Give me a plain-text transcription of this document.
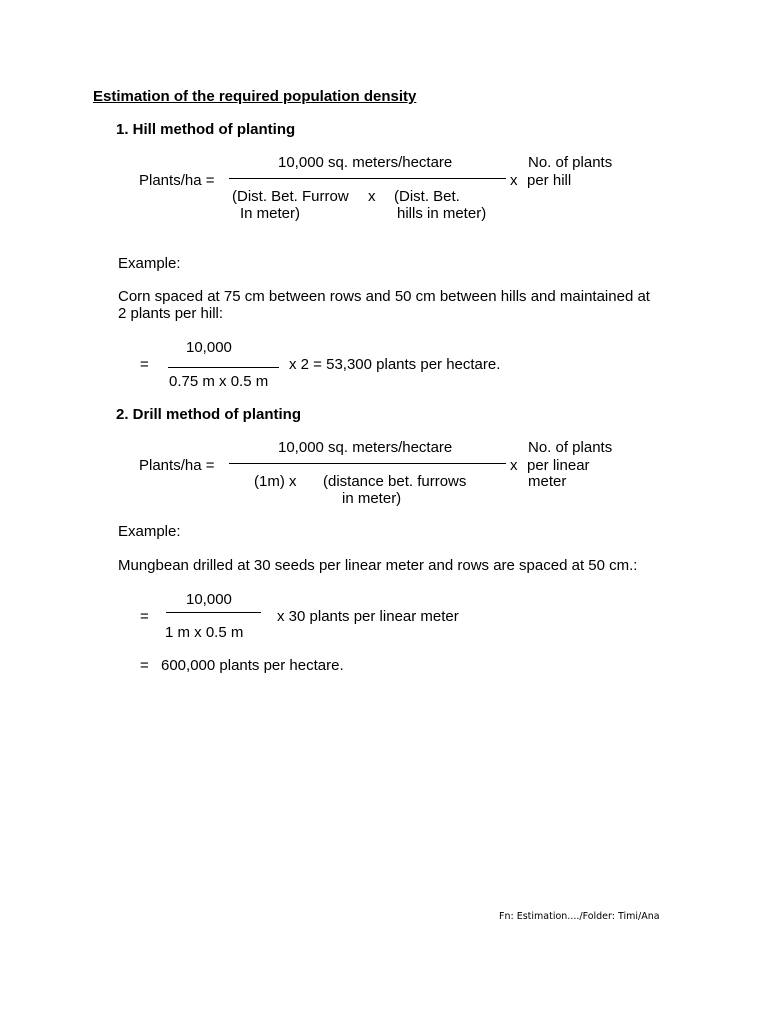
Estimation of the required population density
1. Hill method of planting
Plants/ha =
10,000 sq. meters/hectare
x
No. of plants
per hill
(Dist. Bet. Furrow
In meter)
x (Dist. Bet.
hills in meter)
Example:
Corn spaced at 75 cm between rows and 50 cm between hills and maintained at
2 plants per hill:
=
10,000
0.75 m x 0.5 m
x 2 = 53,300 plants per hectare.
2. Drill method of planting
Plants/ha =
10,000 sq. meters/hectare
x
No. of plants
per linear
meter
(1m) x (distance bet. furrows
in meter)
Example:
Mungbean drilled at 30 seeds per linear meter and rows are spaced at 50 cm.:
=
10,000
1 m x 0.5 m
x 30 plants per linear meter
= 600,000 plants per hectare.
Fn: Estimation..../Folder: Timi/Ana
